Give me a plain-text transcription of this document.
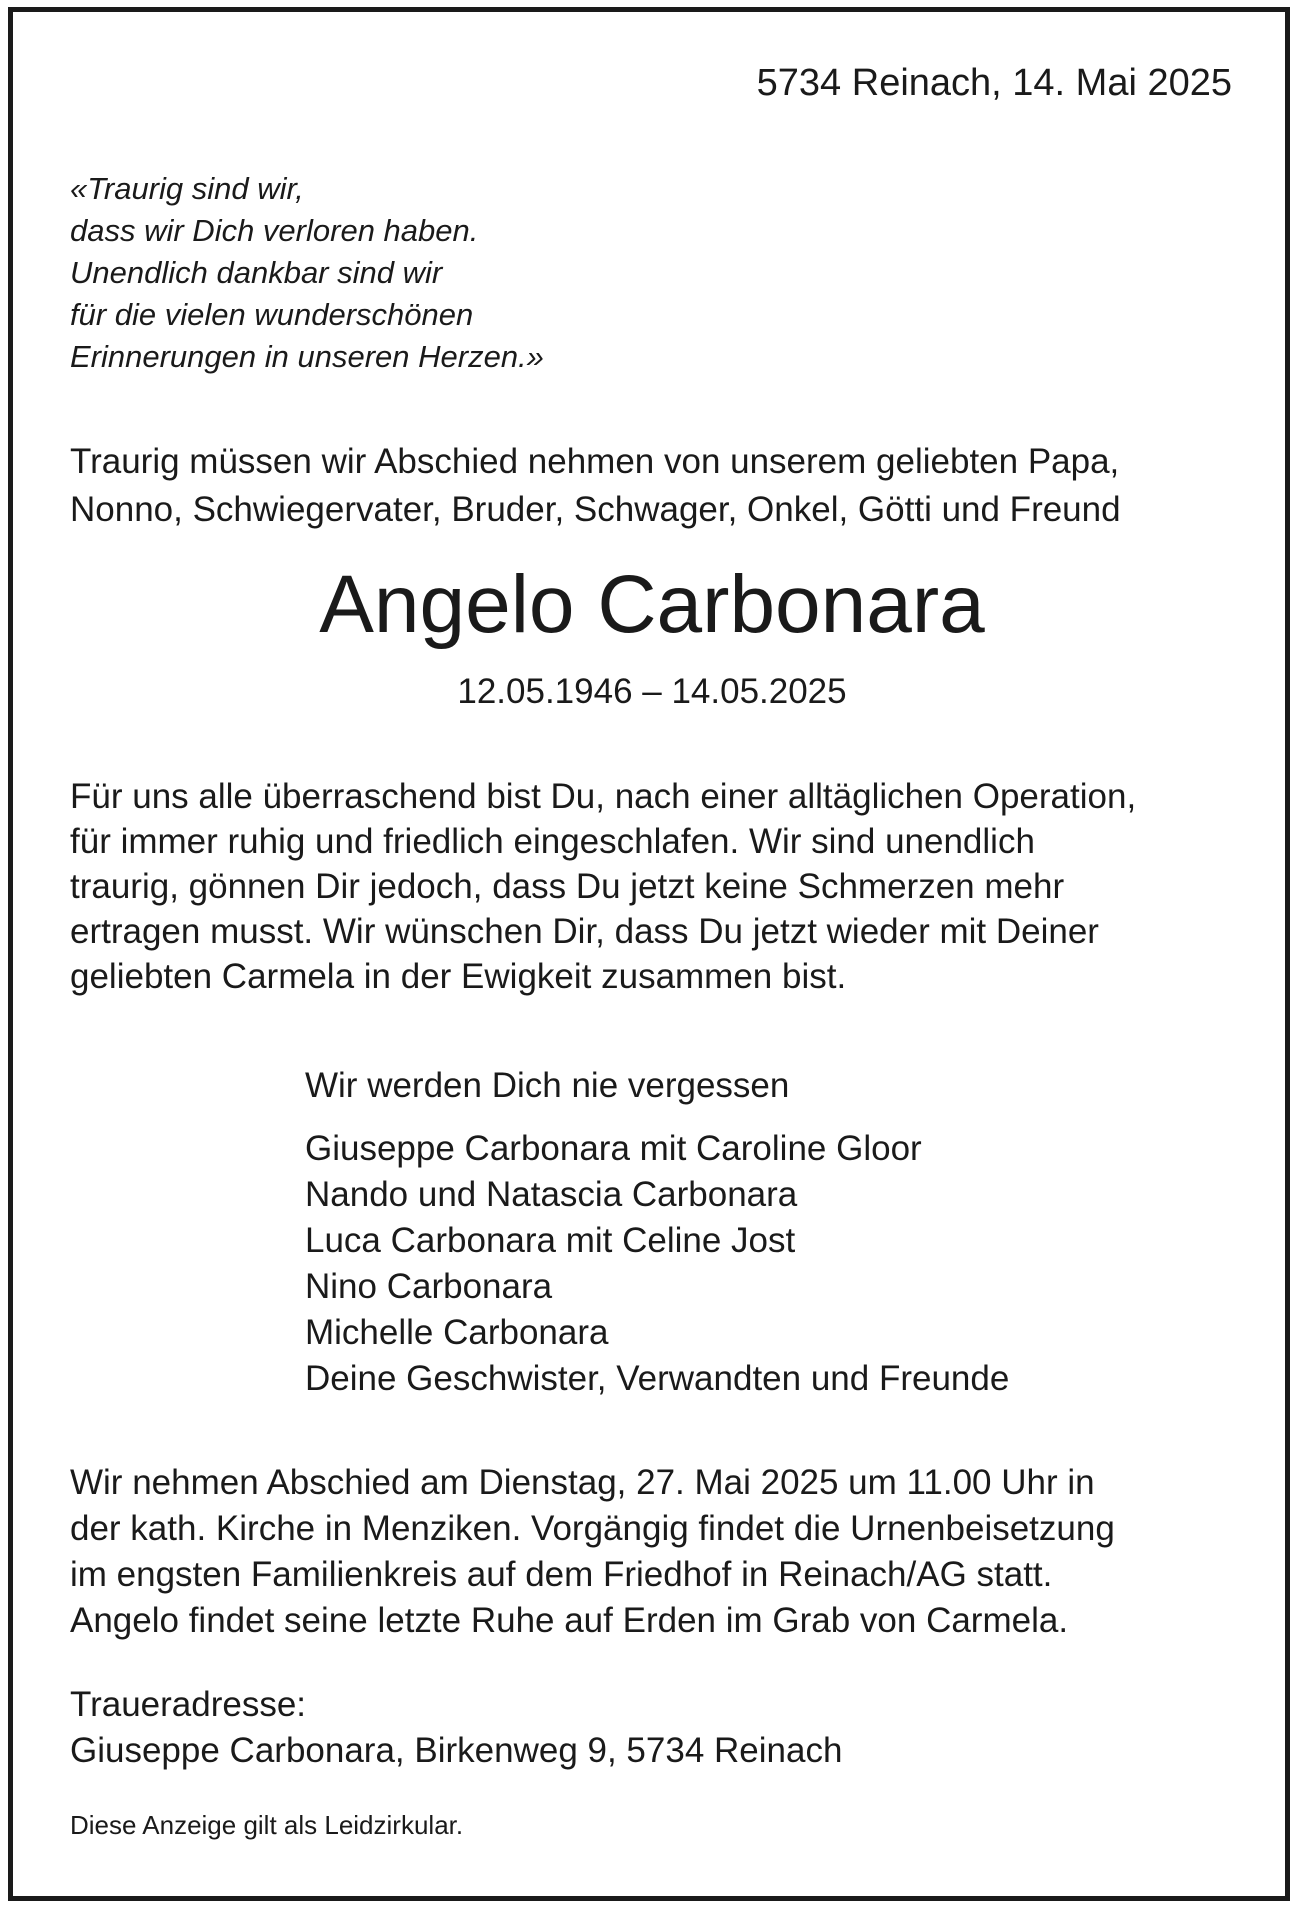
5734 Reinach, 14. Mai 2025
«Traurig sind wir,
dass wir Dich verloren haben.
Unendlich dankbar sind wir
für die vielen wunderschönen
Erinnerungen in unseren Herzen.»
Traurig müssen wir Abschied nehmen von unserem geliebten Papa,
Nonno, Schwiegervater, Bruder, Schwager, Onkel, Götti und Freund
Angelo Carbonara
12.05.1946 – 14.05.2025
Für uns alle überraschend bist Du, nach einer alltäglichen Operation,
für immer ruhig und friedlich eingeschlafen. Wir sind unendlich
traurig, gönnen Dir jedoch, dass Du jetzt keine Schmerzen mehr
ertragen musst. Wir wünschen Dir, dass Du jetzt wieder mit Deiner
geliebten Carmela in der Ewigkeit zusammen bist.
Wir werden Dich nie vergessen
Giuseppe Carbonara mit Caroline Gloor
Nando und Natascia Carbonara
Luca Carbonara mit Celine Jost
Nino Carbonara
Michelle Carbonara
Deine Geschwister, Verwandten und Freunde
Wir nehmen Abschied am Dienstag, 27. Mai 2025 um 11.00 Uhr in
der kath. Kirche in Menziken. Vorgängig findet die Urnenbeisetzung
im engsten Familienkreis auf dem Friedhof in Reinach/AG statt.
Angelo findet seine letzte Ruhe auf Erden im Grab von Carmela.
Traueradresse:
Giuseppe Carbonara, Birkenweg 9, 5734 Reinach
Diese Anzeige gilt als Leidzirkular.
